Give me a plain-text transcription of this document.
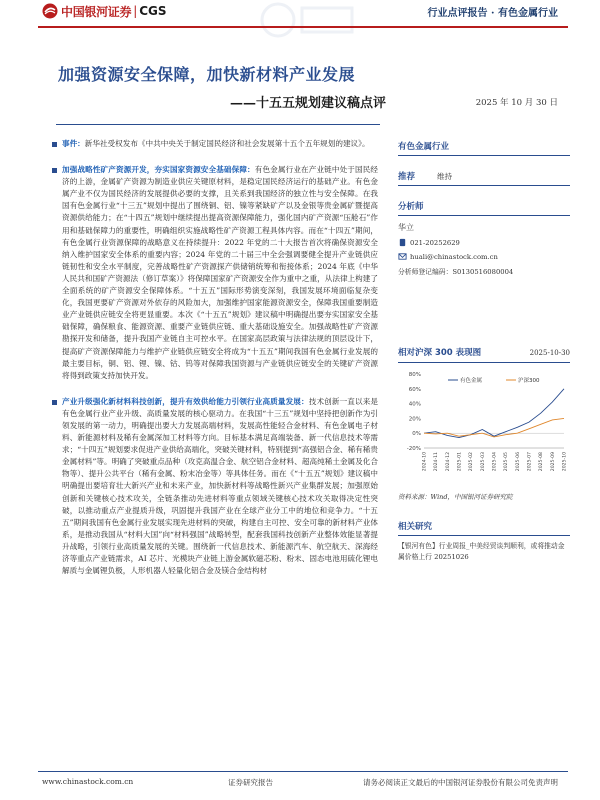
中国银河证券 | CGS	行业点评报告 · 有色金属行业
加强资源安全保障，加快新材料产业发展
——十五五规划建议稿点评	2025 年 10 月 30 日

事件：新华社受权发布《中共中央关于制定国民经济和社会发展第十五个五年规划的建议》。

加强战略性矿产资源开发，夯实国家资源安全基础保障：有色金属行业在产业链中处于国民经济的上游，金属矿产资源为制造业供应关键原材料，是稳定国民经济运行的基础产业。有色金属产业不仅为国民经济的发展提供必要的支撑，且关系到我国经济的独立性与安全保障。在我国有色金属行业“十三五”规划中提出了围绕铜、铝、镍等紧缺矿产以及金银等贵金属矿暨提高资源供给能力；在“十四五”规划中继续提出提高资源保障能力，强化国内矿产资源“压舱石”作用和基础保障力的重要性，明确组织实施战略性矿产资源工程具体内容。而在“十四五”期间，有色金属行业资源保障的战略意义在持续提升：2022 年党的二十大报告首次将确保资源安全纳入维护国家安全体系的重要内容；2024 年党的二十届三中全会强调要健全提升产业链供应链韧性和安全水平制度，完善战略性矿产资源探产供储销统筹和衔接体系；2024 年底《中华人民共和国矿产资源法（修订草案）》将保障国家矿产资源安全作为重中之重，从法律上构建了全面系统的矿产资源安全保障体系。“十五五”国际形势演变深刻，我国发展环境面临复杂变化，我国更要矿产资源对外依存的风险加大，加强维护国家能源资源安全，保障我国重要制造业产业链供应链安全将更显重要。本次《“十五五”规划》建议稿中明确提出要夯实国家安全基础保障，确保粮食、能源资源、重要产业链供应链、重大基础设施安全。加强战略性矿产资源勘探开发和储备，提升我国产业链自主可控水平。在国家高层政策与法律法规的顶层设计下，提高矿产资源保障能力与维护产业链供应链安全将成为“十五五”期间我国有色金属行业发展的最主要目标，铜、铝、锂、镍、钴、钨等对保障我国资源与产业链供应链安全的关键矿产资源将得到政策支持加快开发。

产业升级强化新材料科技创新，提升有效供给能力引领行业高质量发展：技术创新一直以来是有色金属行业产业升级、高质量发展的核心驱动力。在我国“十三五”规划中坚持把创新作为引领发展的第一动力，明确提出要大力发展高端材料，发展高性能轻合金材料、有色金属电子材料、新能源材料及稀有金属深加工材料等方向。目标基本满足高端装备、新一代信息技术等需求；“十四五”规划要求促进产业供给高端化，突破关键材料，特别提到“高强铝合金、稀有稀贵金属材料”等。明确了突破重点品种（攻克高温合金、航空铝合金材料、超高纯稀土金属及化合物等）、提升公共平台（稀有金属、粉末冶金等）等具体任务。而在《“十五五”规划》建议稿中明确提出要培育壮大新兴产业和未来产业，加快新材料等战略性新兴产业集群发展；加强原始创新和关键核心技术攻关，全链条推动先进材料等重点领域关键核心技术攻关取得决定性突破，以推动重点产业提质升级，巩固提升我国产业在全球产业分工中的地位和竞争力。“十五五”期间我国有色金属行业发展实现先进材料的突破，构建自主可控、安全可靠的新材料产业体系，是推动我国从“材料大国”向“材料强国”战略转型，配套我国科技创新产业整体效能显著提升战略，引领行业高质量发展的关键。围绕新一代信息技术、新能源汽车、航空航天、深海经济等重点产业链需求，AI 芯片、光模块产业链上游金属软磁芯粉、粉末、固态电池用硫化锂电解质与金属锂负极，人形机器人轻量化铝合金及镁合金结构材

有色金属行业
推荐	维持
分析师
华立
021-20252629
huali@chinastock.com.cn
分析师登记编码：S0130516080004
相对沪深 300 表现图	2025-10-30
80%
60%
40%
20%
0%
-20%
2024-10 2024-11 2024-12 2025-01 2025-02 2025-03 2025-04 2025-05 2025-06 2025-07 2025-08 2025-09 2025-10
有色金属	沪深300
资料来源：Wind，中国银河证券研究院
相关研究
【银河有色】行业周报_中美经贸谈判顺利，或将推动金属价格上行 20251026
www.chinastock.com.cn	证券研究报告	请务必阅读正文最后的中国银河证券股份有限公司免责声明
